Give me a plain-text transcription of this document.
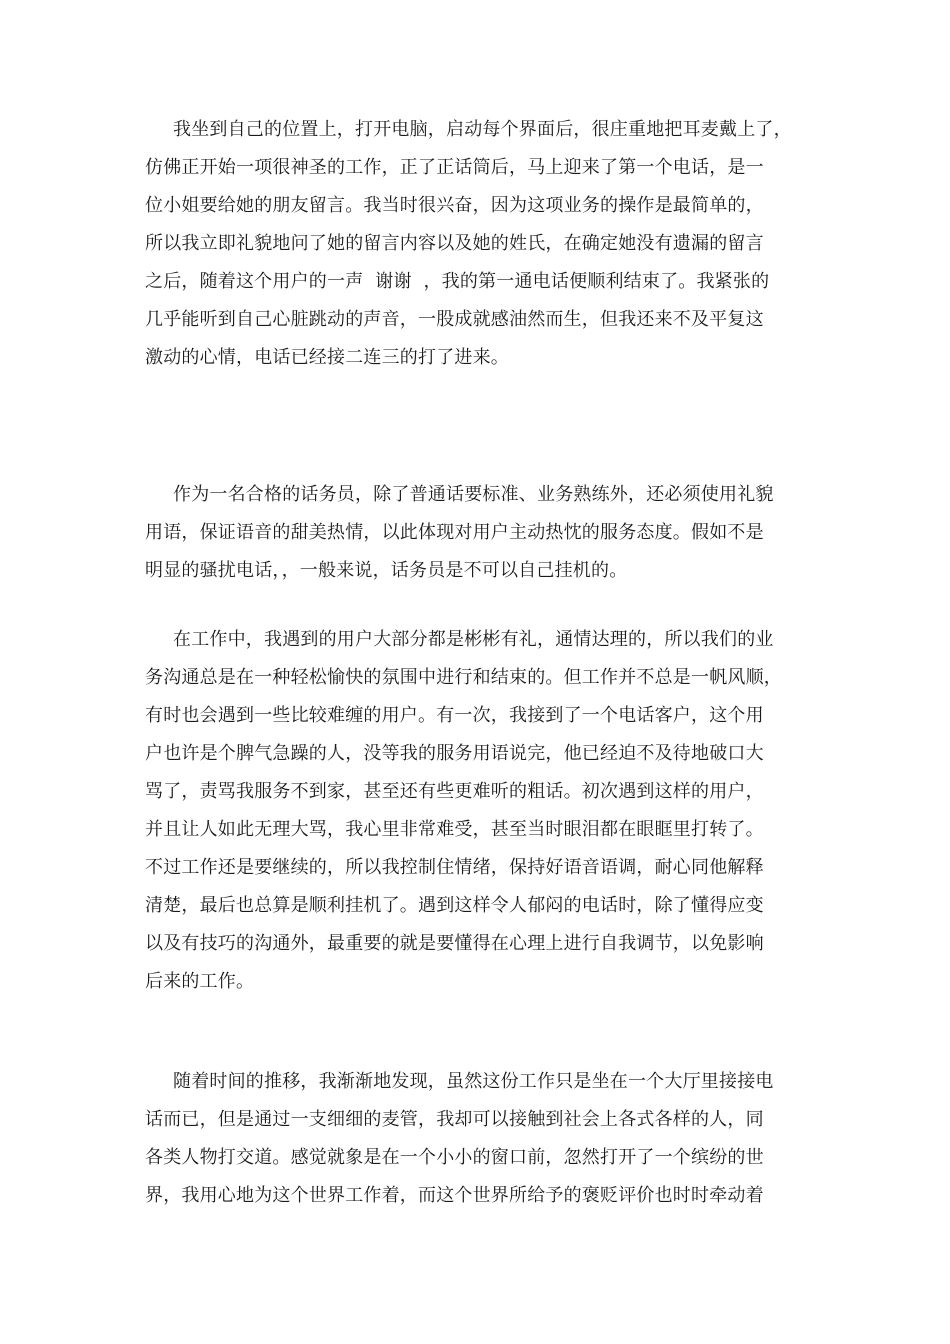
我坐到自己的位置上，打开电脑，启动每个界面后，很庄重地把耳麦戴上了，
仿佛正开始一项很神圣的工作，正了正话筒后，马上迎来了第一个电话，是一
位小姐要给她的朋友留言。我当时很兴奋，因为这项业务的操作是最简单的，
所以我立即礼貌地问了她的留言内容以及她的姓氏，在确定她没有遗漏的留言
之后，随着这个用户的一声  谢谢  ，我的第一通电话便顺利结束了。我紧张的
几乎能听到自己心脏跳动的声音，一股成就感油然而生，但我还来不及平复这
激动的心情，电话已经接二连三的打了进来。
作为一名合格的话务员，除了普通话要标准、业务熟练外，还必须使用礼貌
用语，保证语音的甜美热情，以此体现对用户主动热忱的服务态度。假如不是
明显的骚扰电话，，一般来说，话务员是不可以自己挂机的。
在工作中，我遇到的用户大部分都是彬彬有礼，通情达理的，所以我们的业
务沟通总是在一种轻松愉快的氛围中进行和结束的。但工作并不总是一帆风顺，
有时也会遇到一些比较难缠的用户。有一次，我接到了一个电话客户，这个用
户也许是个脾气急躁的人，没等我的服务用语说完，他已经迫不及待地破口大
骂了，责骂我服务不到家，甚至还有些更难听的粗话。初次遇到这样的用户，
并且让人如此无理大骂，我心里非常难受，甚至当时眼泪都在眼眶里打转了。
不过工作还是要继续的，所以我控制住情绪，保持好语音语调，耐心同他解释
清楚，最后也总算是顺利挂机了。遇到这样令人郁闷的电话时，除了懂得应变
以及有技巧的沟通外，最重要的就是要懂得在心理上进行自我调节，以免影响
后来的工作。
随着时间的推移，我渐渐地发现，虽然这份工作只是坐在一个大厅里接接电
话而已，但是通过一支细细的麦管，我却可以接触到社会上各式各样的人，同
各类人物打交道。感觉就象是在一个小小的窗口前，忽然打开了一个缤纷的世
界，我用心地为这个世界工作着，而这个世界所给予的褒贬评价也时时牵动着
